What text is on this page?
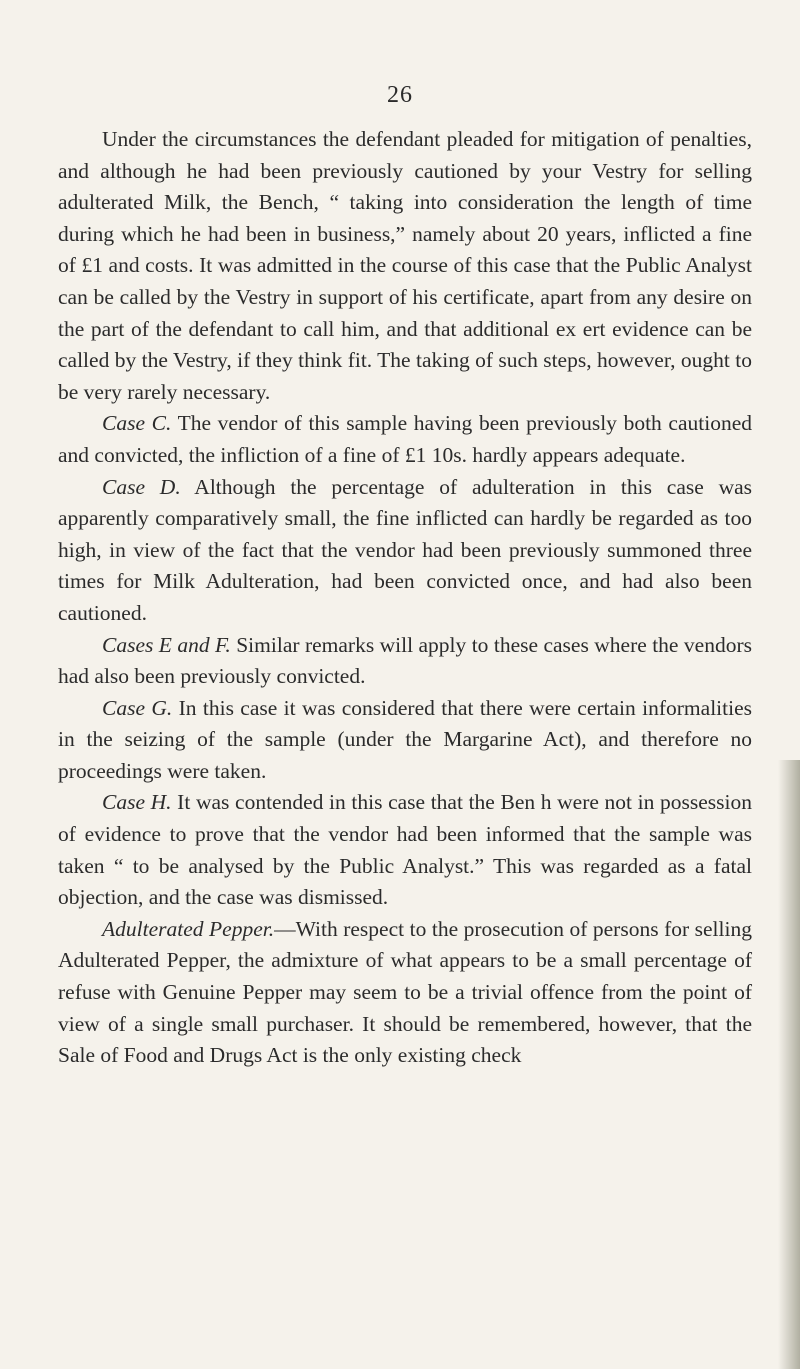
26

Under the circumstances the defendant pleaded for mitigation of penalties, and although he had been previously cautioned by your Vestry for selling adulterated Milk, the Bench, “ taking into consideration the length of time during which he had been in business,” namely about 20 years, inflicted a fine of £1 and costs. It was admitted in the course of this case that the Public Analyst can be called by the Vestry in support of his certificate, apart from any desire on the part of the defendant to call him, and that additional ex ert evidence can be called by the Vestry, if they think fit. The taking of such steps, however, ought to be very rarely necessary.

Case C. The vendor of this sample having been previously both cautioned and convicted, the infliction of a fine of £1 10s. hardly appears adequate.

Case D. Although the percentage of adulteration in this case was apparently comparatively small, the fine inflicted can hardly be regarded as too high, in view of the fact that the vendor had been previously summoned three times for Milk Adulteration, had been convicted once, and had also been cautioned.

Cases E and F. Similar remarks will apply to these cases where the vendors had also been previously convicted.

Case G. In this case it was considered that there were certain informalities in the seizing of the sample (under the Margarine Act), and therefore no proceedings were taken.

Case H. It was contended in this case that the Ben h were not in possession of evidence to prove that the vendor had been informed that the sample was taken “ to be analysed by the Public Analyst.” This was regarded as a fatal objection, and the case was dismissed.

Adulterated Pepper.—With respect to the prosecution of persons for selling Adulterated Pepper, the admixture of what appears to be a small percentage of refuse with Genuine Pepper may seem to be a trivial offence from the point of view of a single small purchaser. It should be remembered, however, that the Sale of Food and Drugs Act is the only existing check
